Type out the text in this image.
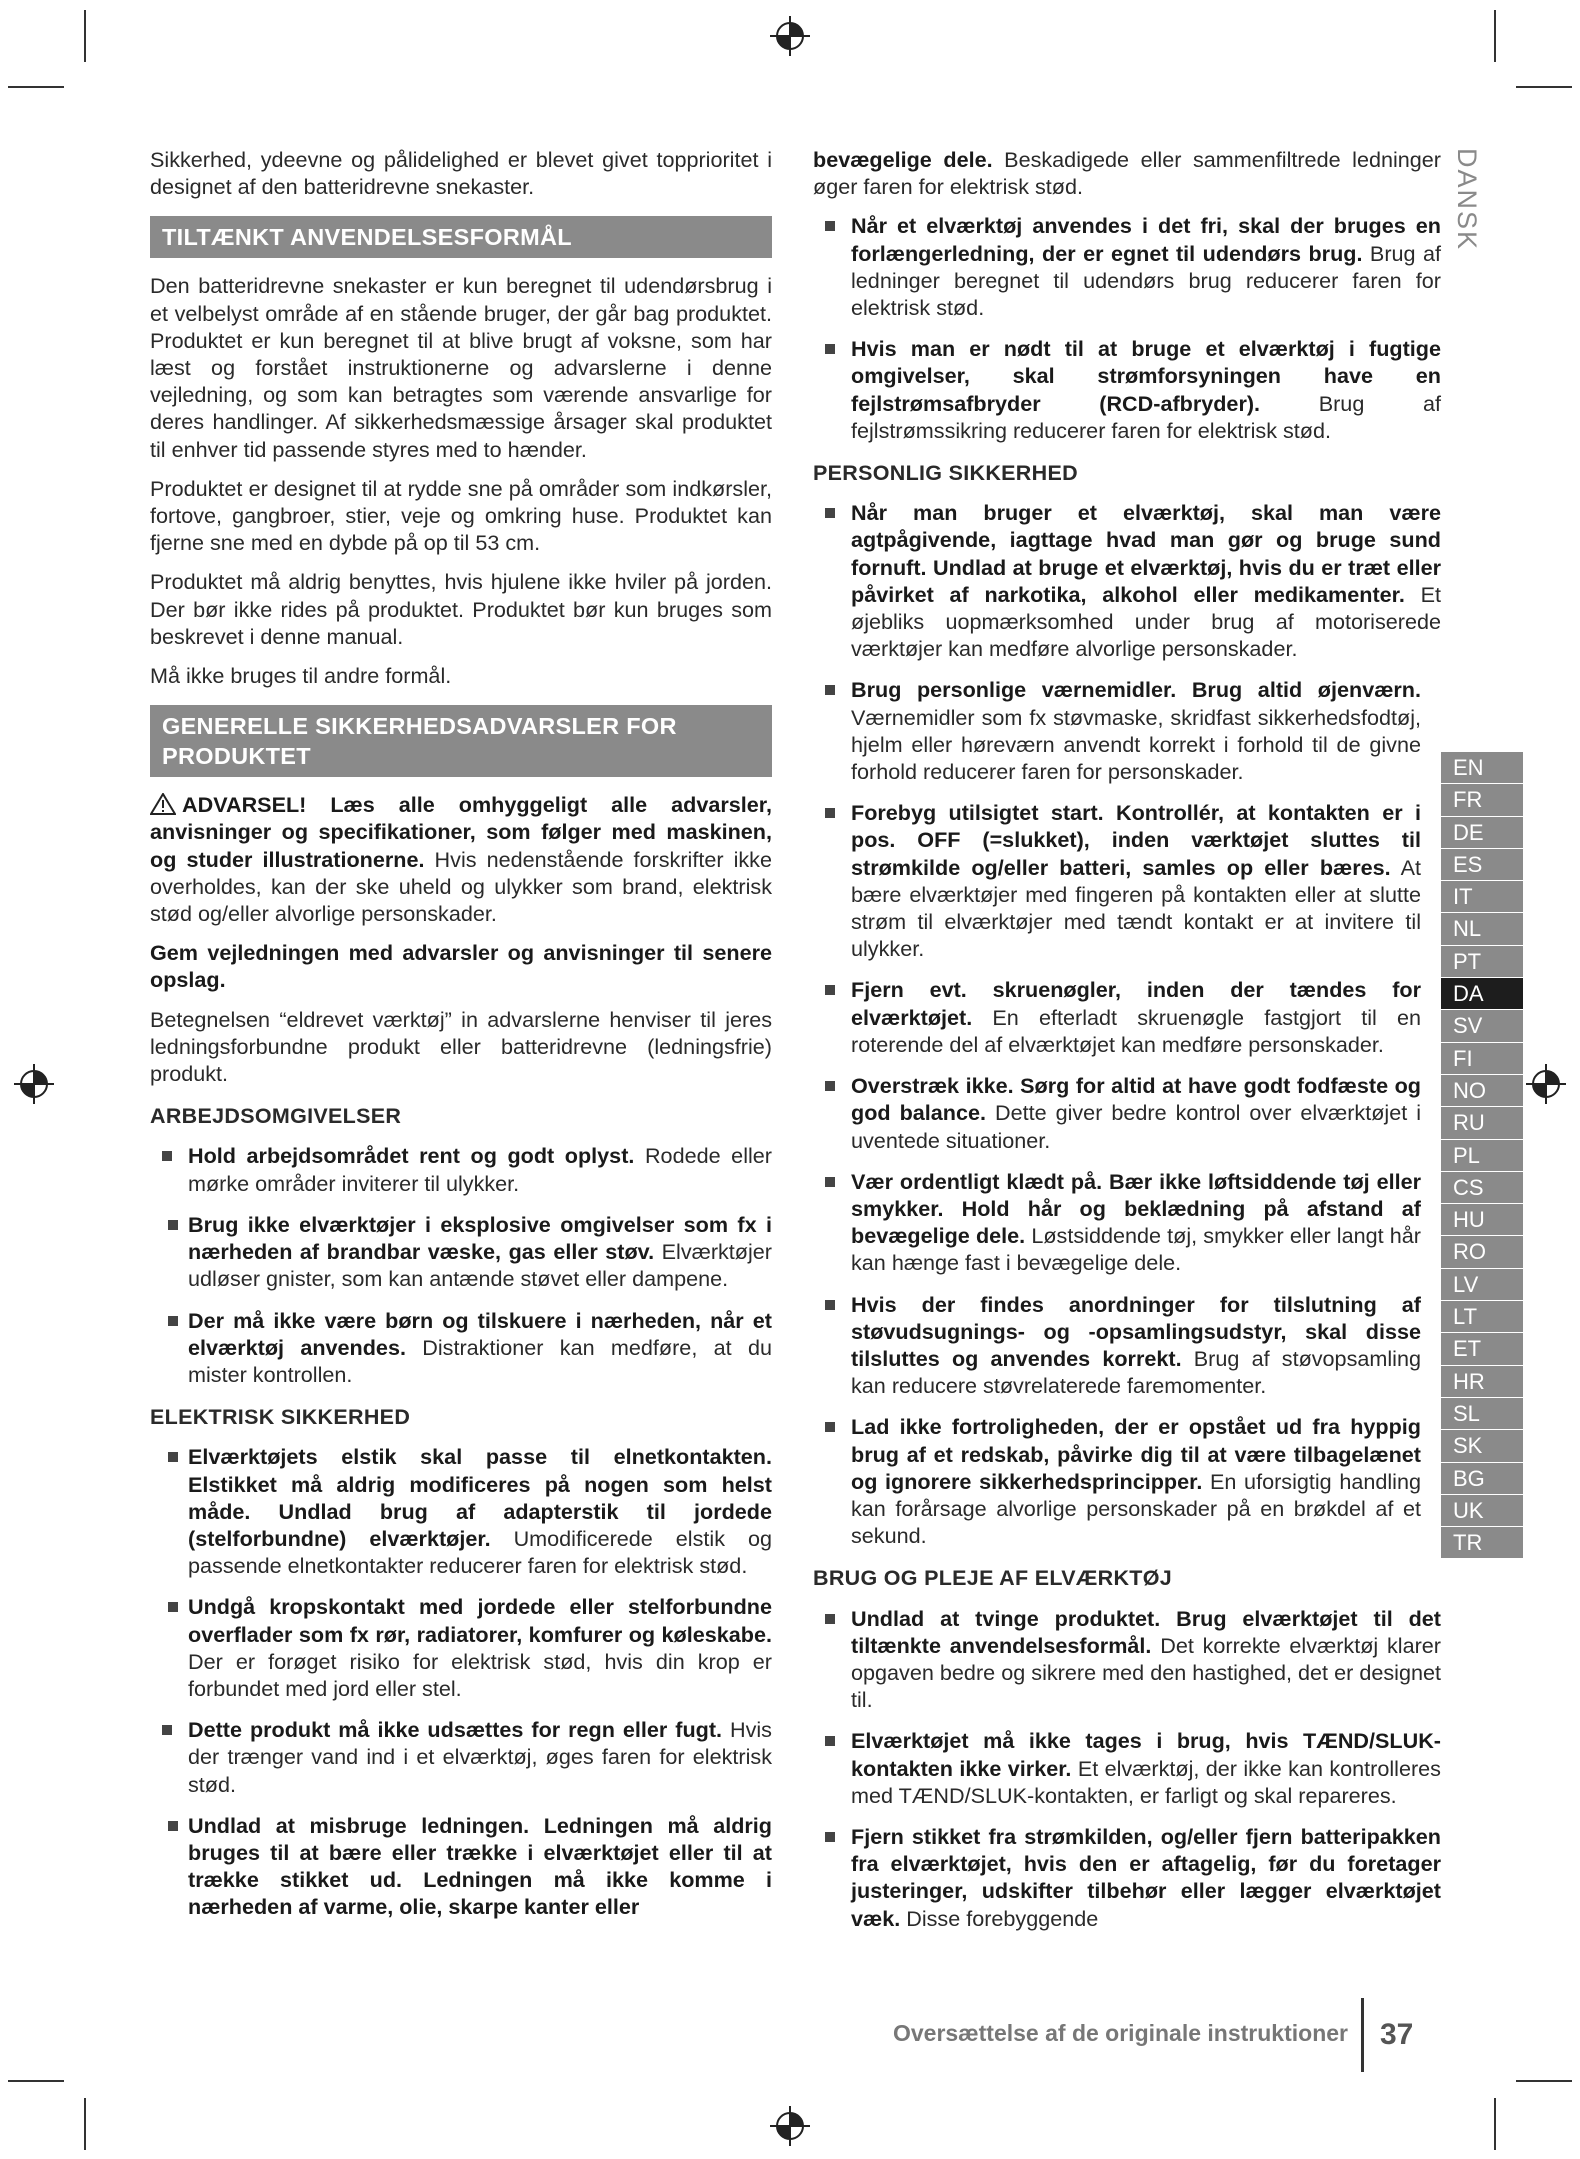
DANSK

Sikkerhed, ydeevne og pålidelighed er blevet givet topprioritet i designet af den batteridrevne snekaster.

TILTÆNKT ANVENDELSESFORMÅL

Den batteridrevne snekaster er kun beregnet til udendørsbrug i et velbelyst område af en stående bruger, der går bag produktet. Produktet er kun beregnet til at blive brugt af voksne, som har læst og forstået instruktionerne og advarslerne i denne vejledning, og som kan betragtes som værende ansvarlige for deres handlinger. Af sikkerhedsmæssige årsager skal produktet til enhver tid passende styres med to hænder.

Produktet er designet til at rydde sne på områder som indkørsler, fortove, gangbroer, stier, veje og omkring huse. Produktet kan fjerne sne med en dybde på op til 53 cm.

Produktet må aldrig benyttes, hvis hjulene ikke hviler på jorden. Der bør ikke rides på produktet. Produktet bør kun bruges som beskrevet i denne manual.

Må ikke bruges til andre formål.

GENERELLE SIKKERHEDSADVARSLER FOR PRODUKTET

ADVARSEL! Læs alle omhyggeligt alle advarsler, anvisninger og specifikationer, som følger med maskinen, og studer illustrationerne. Hvis nedenstående forskrifter ikke overholdes, kan der ske uheld og ulykker som brand, elektrisk stød og/eller alvorlige personskader.

Gem vejledningen med advarsler og anvisninger til senere opslag.

Betegnelsen “eldrevet værktøj” in advarslerne henviser til jeres ledningsforbundne produkt eller batteridrevne (ledningsfrie) produkt.

ARBEJDSOMGIVELSER
Hold arbejdsområdet rent og godt oplyst. Rodede eller mørke områder inviterer til ulykker.
Brug ikke elværktøjer i eksplosive omgivelser som fx i nærheden af brandbar væske, gas eller støv. Elværktøjer udløser gnister, som kan antænde støvet eller dampene.
Der må ikke være børn og tilskuere i nærheden, når et elværktøj anvendes. Distraktioner kan medføre, at du mister kontrollen.
ELEKTRISK SIKKERHED
Elværktøjets elstik skal passe til elnetkontakten. Elstikket må aldrig modificeres på nogen som helst måde. Undlad brug af adapterstik til jordede (stelforbundne) elværktøjer. Umodificerede elstik og passende elnetkontakter reducerer faren for elektrisk stød.
Undgå kropskontakt med jordede eller stelforbundne overflader som fx rør, radiatorer, komfurer og køleskabe. Der er forøget risiko for elektrisk stød, hvis din krop er forbundet med jord eller stel.
Dette produkt må ikke udsættes for regn eller fugt. Hvis der trænger vand ind i et elværktøj, øges faren for elektrisk stød.
Undlad at misbruge ledningen. Ledningen må aldrig bruges til at bære eller trække i elværktøjet eller til at trække stikket ud. Ledningen må ikke komme i nærheden af varme, olie, skarpe kanter eller

bevægelige dele. Beskadigede eller sammenfiltrede ledninger øger faren for elektrisk stød.

Når et elværktøj anvendes i det fri, skal der bruges en forlængerledning, der er egnet til udendørs brug. Brug af ledninger beregnet til udendørs brug reducerer faren for elektrisk stød.
Hvis man er nødt til at bruge et elværktøj i fugtige omgivelser, skal strømforsyningen have en fejlstrømsafbryder (RCD-afbryder). Brug af fejlstrømssikring reducerer faren for elektrisk stød.
PERSONLIG SIKKERHED
Når man bruger et elværktøj, skal man være agtpågivende, iagttage hvad man gør og bruge sund fornuft. Undlad at bruge et elværktøj, hvis du er træt eller påvirket af narkotika, alkohol eller medikamenter. Et øjebliks uopmærksomhed under brug af motoriserede værktøjer kan medføre alvorlige personskader.
Brug personlige værnemidler. Brug altid øjenværn. Værnemidler som fx støvmaske, skridfast sikkerhedsfodtøj, hjelm eller høreværn anvendt korrekt i forhold til de givne forhold reducerer faren for personskader.
Forebyg utilsigtet start. Kontrollér, at kontakten er i pos. OFF (=slukket), inden værktøjet sluttes til strømkilde og/eller batteri, samles op eller bæres. At bære elværktøjer med fingeren på kontakten eller at slutte strøm til elværktøjer med tændt kontakt er at invitere til ulykker.
Fjern evt. skruenøgler, inden der tændes for elværktøjet. En efterladt skruenøgle fastgjort til en roterende del af elværktøjet kan medføre personskader.
Overstræk ikke. Sørg for altid at have godt fodfæste og god balance. Dette giver bedre kontrol over elværktøjet i uventede situationer.
Vær ordentligt klædt på. Bær ikke løftsiddende tøj eller smykker. Hold hår og beklædning på afstand af bevægelige dele. Løstsiddende tøj, smykker eller langt hår kan hænge fast i bevægelige dele.
Hvis der findes anordninger for tilslutning af støvudsugnings- og -opsamlingsudstyr, skal disse tilsluttes og anvendes korrekt. Brug af støvopsamling kan reducere støvrelaterede faremomenter.
Lad ikke fortroligheden, der er opstået ud fra hyppig brug af et redskab, påvirke dig til at være tilbagelænet og ignorere sikkerhedsprincipper. En uforsigtig handling kan forårsage alvorlige personskader på en brøkdel af et sekund.
BRUG OG PLEJE AF ELVÆRKTØJ
Undlad at tvinge produktet. Brug elværktøjet til det tiltænkte anvendelsesformål. Det korrekte elværktøj klarer opgaven bedre og sikrere med den hastighed, det er designet til.
Elværktøjet må ikke tages i brug, hvis TÆND/SLUK-kontakten ikke virker. Et elværktøj, der ikke kan kontrolleres med TÆND/SLUK-kontakten, er farligt og skal repareres.
Fjern stikket fra strømkilden, og/eller fjern batteripakken fra elværktøjet, hvis den er aftagelig, før du foretager justeringer, udskifter tilbehør eller lægger elværktøjet væk. Disse forebyggende
EN
FR
DE
ES
IT
NL
PT
DA
SV
FI
NO
RU
PL
CS
HU
RO
LV
LT
ET
HR
SL
SK
BG
UK
TR
Oversættelse af de originale instruktioner 37
